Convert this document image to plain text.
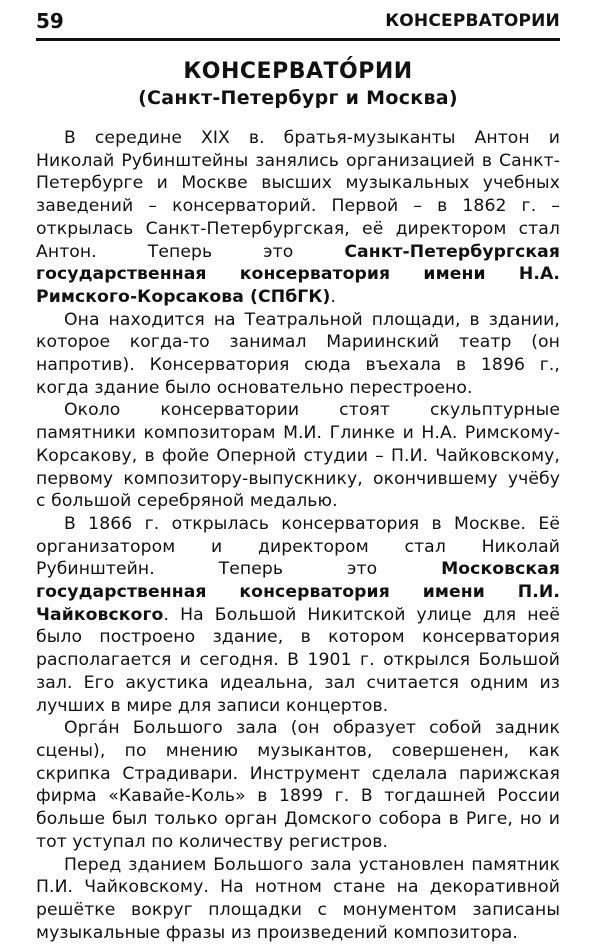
59	КОНСЕРВАТОРИИ

КОНСЕРВАТО́РИИ

(Санкт-Петербург и Москва)

В середине XIX в. братья-музыканты Антон и Николай Рубинштейны занялись организацией в Санкт-Петербурге и Москве высших музыкальных учебных заведений – консерваторий. Первой – в 1862 г. – открылась Санкт-Петербургская, её директором стал Антон. Теперь это Санкт-Петербургская государственная консерватория имени Н.А. Римского-Корсакова (СПбГК).

Она находится на Театральной площади, в здании, которое когда-то занимал Мариинский театр (он напротив). Консерватория сюда въехала в 1896 г., когда здание было основательно перестроено.

Около консерватории стоят скульптурные памятники композиторам М.И. Глинке и Н.А. Римскому-Корсакову, в фойе Оперной студии – П.И. Чайковскому, первому композитору-выпускнику, окончившему учёбу с большой серебряной медалью.

В 1866 г. открылась консерватория в Москве. Её организатором и директором стал Николай Рубинштейн. Теперь это Московская государственная консерватория имени П.И. Чайковского. На Большой Никитской улице для неё было построено здание, в котором консерватория располагается и сегодня. В 1901 г. открылся Большой зал. Его акустика идеальна, зал считается одним из лучших в мире для записи концертов.

Орга́н Большого зала (он образует собой задник сцены), по мнению музыкантов, совершенен, как скрипка Страдивари. Инструмент сделала парижская фирма «Кавайе-Коль» в 1899 г. В тогдашней России больше был только орган Домского собора в Риге, но и тот уступал по количеству регистров.

Перед зданием Большого зала установлен памятник П.И. Чайковскому. На нотном стане на декоративной решётке вокруг площадки с монументом записаны музыкальные фразы из произведений композитора.
